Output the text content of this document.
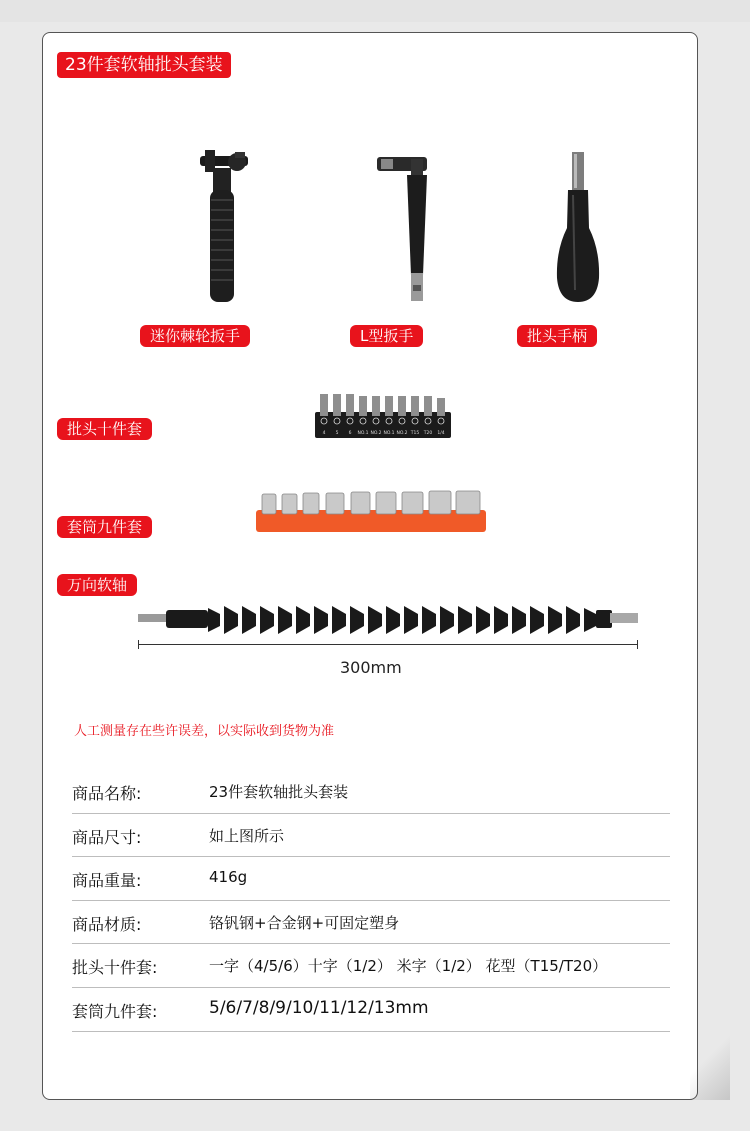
23件套软轴批头套装
迷你棘轮扳手	L型扳手	批头手柄
批头十件套	4 5 6 NO.1 NO.2 NO.1 NO.2 T15 T20 1/4
套筒九件套
万向软轴
300mm
人工测量存在些许误差，以实际收到货物为准
商品名称:	23件套软轴批头套装
商品尺寸:	如上图所示
商品重量:	416g
商品材质:	铬钒钢+合金钢+可固定塑身
批头十件套:	一字（4/5/6）十字（1/2） 米字（1/2） 花型（T15/T20）
套筒九件套:	5/6/7/8/9/10/11/12/13mm
